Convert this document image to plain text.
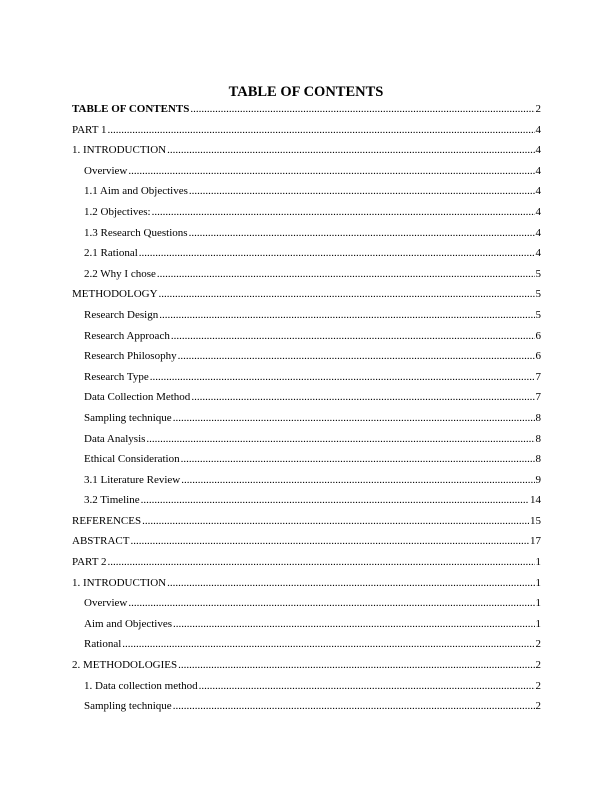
TABLE OF CONTENTS
TABLE OF CONTENTS .....	2
PART 1 .....	4
1. INTRODUCTION .....	4
Overview .....	4
1.1 Aim and Objectives .....	4
1.2 Objectives: .....	4
1.3 Research Questions .....	4
2.1 Rational .....	4
2.2 Why I chose .....	5
METHODOLOGY .....	5
Research Design .....	5
Research Approach .....	6
Research Philosophy .....	6
Research Type .....	7
Data Collection Method .....	7
Sampling technique .....	8
Data Analysis .....	8
Ethical Consideration .....	8
3.1 Literature Review .....	9
3.2 Timeline .....	14
REFERENCES .....	15
ABSTRACT .....	17
PART 2 .....	1
1. INTRODUCTION .....	1
Overview .....	1
Aim and Objectives .....	1
Rational .....	2
2. METHODOLOGIES .....	2
1. Data collection method .....	2
Sampling technique .....	2
